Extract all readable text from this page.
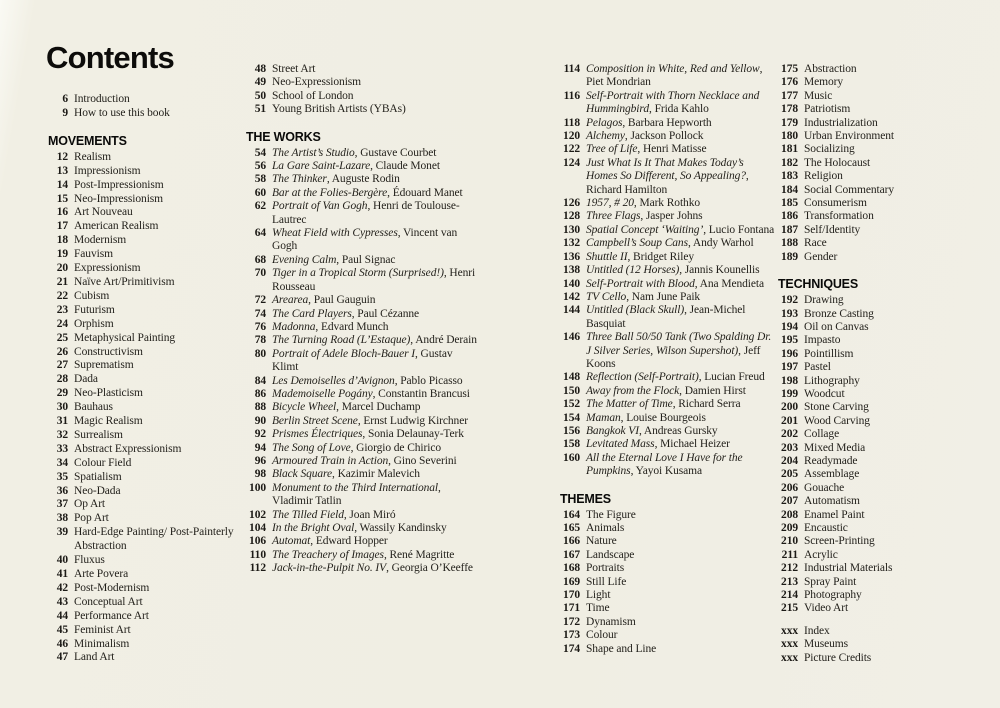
Contents
6 Introduction
9 How to use this book
MOVEMENTS
12 Realism
13 Impressionism
14 Post-Impressionism
15 Neo-Impressionism
16 Art Nouveau
17 American Realism
18 Modernism
19 Fauvism
20 Expressionism
21 Naïve Art/Primitivism
22 Cubism
23 Futurism
24 Orphism
25 Metaphysical Painting
26 Constructivism
27 Suprematism
28 Dada
29 Neo-Plasticism
30 Bauhaus
31 Magic Realism
32 Surrealism
33 Abstract Expressionism
34 Colour Field
35 Spatialism
36 Neo-Dada
37 Op Art
38 Pop Art
39 Hard-Edge Painting/ Post-Painterly Abstraction
40 Fluxus
41 Arte Povera
42 Post-Modernism
43 Conceptual Art
44 Performance Art
45 Feminist Art
46 Minimalism
47 Land Art
48 Street Art
49 Neo-Expressionism
50 School of London
51 Young British Artists (YBAs)
THE WORKS
54 The Artist’s Studio, Gustave Courbet
56 La Gare Saint-Lazare, Claude Monet
58 The Thinker, Auguste Rodin
60 Bar at the Folies-Bergère, Édouard Manet
62 Portrait of Van Gogh, Henri de Toulouse-Lautrec
64 Wheat Field with Cypresses, Vincent van Gogh
68 Evening Calm, Paul Signac
70 Tiger in a Tropical Storm (Surprised!), Henri Rousseau
72 Arearea, Paul Gauguin
74 The Card Players, Paul Cézanne
76 Madonna, Edvard Munch
78 The Turning Road (L’Estaque), André Derain
80 Portrait of Adele Bloch-Bauer I, Gustav Klimt
84 Les Demoiselles d’Avignon, Pablo Picasso
86 Mademoiselle Pogány, Constantin Brancusi
88 Bicycle Wheel, Marcel Duchamp
90 Berlin Street Scene, Ernst Ludwig Kirchner
92 Prismes Électriques, Sonia Delaunay-Terk
94 The Song of Love, Giorgio de Chirico
96 Armoured Train in Action, Gino Severini
98 Black Square, Kazimir Malevich
100 Monument to the Third International, Vladimir Tatlin
102 The Tilled Field, Joan Miró
104 In the Bright Oval, Wassily Kandinsky
106 Automat, Edward Hopper
110 The Treachery of Images, René Magritte
112 Jack-in-the-Pulpit No. IV, Georgia O’Keeffe
114 Composition in White, Red and Yellow, Piet Mondrian
116 Self-Portrait with Thorn Necklace and Hummingbird, Frida Kahlo
118 Pelagos, Barbara Hepworth
120 Alchemy, Jackson Pollock
122 Tree of Life, Henri Matisse
124 Just What Is It That Makes Today’s Homes So Different, So Appealing?, Richard Hamilton
126 1957, # 20, Mark Rothko
128 Three Flags, Jasper Johns
130 Spatial Concept ‘Waiting’, Lucio Fontana
132 Campbell’s Soup Cans, Andy Warhol
136 Shuttle II, Bridget Riley
138 Untitled (12 Horses), Jannis Kounellis
140 Self-Portrait with Blood, Ana Mendieta
142 TV Cello, Nam June Paik
144 Untitled (Black Skull), Jean-Michel Basquiat
146 Three Ball 50/50 Tank (Two Spalding Dr. J Silver Series, Wilson Supershot), Jeff Koons
148 Reflection (Self-Portrait), Lucian Freud
150 Away from the Flock, Damien Hirst
152 The Matter of Time, Richard Serra
154 Maman, Louise Bourgeois
156 Bangkok VI, Andreas Gursky
158 Levitated Mass, Michael Heizer
160 All the Eternal Love I Have for the Pumpkins, Yayoi Kusama
THEMES
164 The Figure
165 Animals
166 Nature
167 Landscape
168 Portraits
169 Still Life
170 Light
171 Time
172 Dynamism
173 Colour
174 Shape and Line
175 Abstraction
176 Memory
177 Music
178 Patriotism
179 Industrialization
180 Urban Environment
181 Socializing
182 The Holocaust
183 Religion
184 Social Commentary
185 Consumerism
186 Transformation
187 Self/Identity
188 Race
189 Gender
TECHNIQUES
192 Drawing
193 Bronze Casting
194 Oil on Canvas
195 Impasto
196 Pointillism
197 Pastel
198 Lithography
199 Woodcut
200 Stone Carving
201 Wood Carving
202 Collage
203 Mixed Media
204 Readymade
205 Assemblage
206 Gouache
207 Automatism
208 Enamel Paint
209 Encaustic
210 Screen-Printing
211 Acrylic
212 Industrial Materials
213 Spray Paint
214 Photography
215 Video Art
xxx Index
xxx Museums
xxx Picture Credits
